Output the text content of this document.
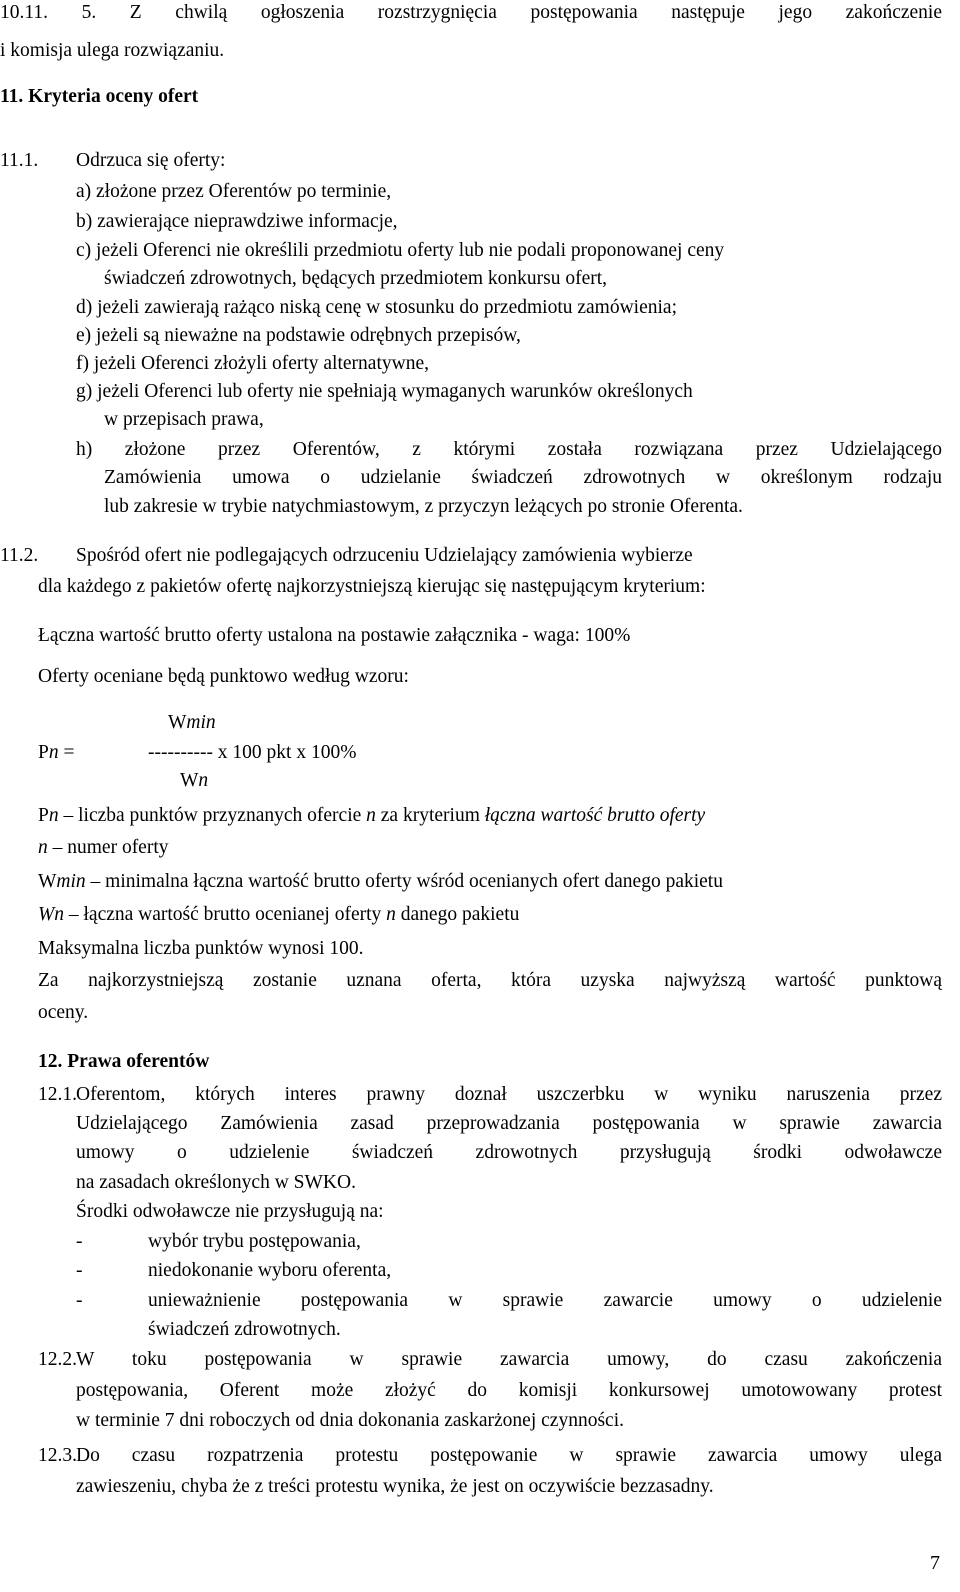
10.11. 5. Z chwilą ogłoszenia rozstrzygnięcia postępowania następuje jego zakończenie
i komisja ulega rozwiązaniu.
11. Kryteria oceny ofert
11.1. Odrzuca się oferty:
a) złożone przez Oferentów po terminie,
b) zawierające nieprawdziwe informacje,
c) jeżeli Oferenci nie określili przedmiotu oferty lub nie podali proponowanej ceny
świadczeń zdrowotnych, będących przedmiotem konkursu ofert,
d) jeżeli zawierają rażąco niską cenę w stosunku do przedmiotu zamówienia;
e) jeżeli są nieważne na podstawie odrębnych przepisów,
f) jeżeli Oferenci złożyli oferty alternatywne,
g) jeżeli Oferenci lub oferty nie spełniają wymaganych warunków określonych
w przepisach prawa,
h) złożone przez Oferentów, z którymi została rozwiązana przez Udzielającego
Zamówienia umowa o udzielanie świadczeń zdrowotnych w określonym rodzaju
lub zakresie w trybie natychmiastowym, z przyczyn leżących po stronie Oferenta.
11.2. Spośród ofert nie podlegających odrzuceniu Udzielający zamówienia wybierze
dla każdego z pakietów ofertę najkorzystniejszą kierując się następującym kryterium:
Łączna wartość brutto oferty ustalona na postawie załącznika - waga: 100%
Oferty oceniane będą punktowo według wzoru:
Wmin
Pn =	---------- x 100 pkt x 100%
Wn
Pn – liczba punktów przyznanych ofercie n za kryterium łączna wartość brutto oferty
n – numer oferty
Wmin – minimalna łączna wartość brutto oferty wśród ocenianych ofert danego pakietu
Wn – łączna wartość brutto ocenianej oferty n danego pakietu
Maksymalna liczba punktów wynosi 100.
Za najkorzystniejszą zostanie uznana oferta, która uzyska najwyższą wartość punktową
oceny.
12. Prawa oferentów
12.1. Oferentom, których interes prawny doznał uszczerbku w wyniku naruszenia przez
Udzielającego Zamówienia zasad przeprowadzania postępowania w sprawie zawarcia
umowy o udzielenie świadczeń zdrowotnych przysługują środki odwoławcze
na zasadach określonych w SWKO.
Środki odwoławcze nie przysługują na:
-	wybór trybu postępowania,
-	niedokonanie wyboru oferenta,
-	unieważnienie postępowania w sprawie zawarcie umowy o udzielenie
świadczeń zdrowotnych.
12.2. W toku postępowania w sprawie zawarcia umowy, do czasu zakończenia
postępowania, Oferent może złożyć do komisji konkursowej umotowowany protest
w terminie 7 dni roboczych od dnia dokonania zaskarżonej czynności.
12.3. Do czasu rozpatrzenia protestu postępowanie w sprawie zawarcia umowy ulega
zawieszeniu, chyba że z treści protestu wynika, że jest on oczywiście bezzasadny.
7
